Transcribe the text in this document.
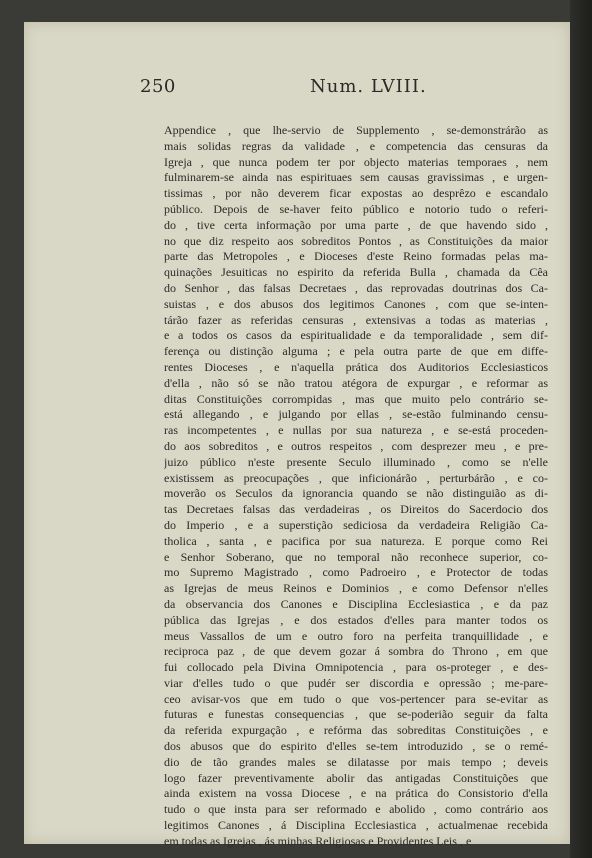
250	Num. LVIII.
Appendice , que lhe-servio de Supplemento , se-demonstrárão as
mais solidas regras da validade , e competencia das censuras da
Igreja , que nunca podem ter por objecto materias temporaes , nem
fulminarem-se ainda nas espirituaes sem causas gravissimas , e urgen-
tissimas , por não deverem ficar expostas ao desprêzo e escandalo
público. Depois de se-haver feito público e notorio tudo o referi-
do , tive certa informação por uma parte , de que havendo sido ,
no que diz respeito aos sobreditos Pontos , as Constituições da maior
parte das Metropoles , e Dioceses d'este Reino formadas pelas ma-
quinações Jesuiticas no espirito da referida Bulla , chamada da Cêa
do Senhor , das falsas Decretaes , das reprovadas doutrinas dos Ca-
suistas , e dos abusos dos legitimos Canones , com que se-inten-
tárão fazer as referidas censuras , extensivas a todas as materias ,
e a todos os casos da espiritualidade e da temporalidade , sem dif-
ferença ou distinção alguma ; e pela outra parte de que em diffe-
rentes Dioceses , e n'aquella prática dos Auditorios Ecclesiasticos
d'ella , não só se não tratou atégora de expurgar , e reformar as
ditas Constituições corrompidas , mas que muito pelo contrário se-
está allegando , e julgando por ellas , se-estão fulminando censu-
ras incompetentes , e nullas por sua natureza , e se-está proceden-
do aos sobreditos , e outros respeitos , com desprezer meu , e pre-
juizo público n'este presente Seculo illuminado , como se n'elle
existissem as preocupações , que inficionárão , perturbárão , e co-
moverão os Seculos da ignorancia quando se não distinguião as di-
tas Decretaes falsas das verdadeiras , os Direitos do Sacerdocio dos
do Imperio , e a superstição sediciosa da verdadeira Religião Ca-
tholica , santa , e pacifica por sua natureza. E porque como Rei
e Senhor Soberano, que no temporal não reconhece superior, co-
mo Supremo Magistrado , como Padroeiro , e Protector de todas
as Igrejas de meus Reinos e Dominios , e como Defensor n'elles
da observancia dos Canones e Disciplina Ecclesiastica , e da paz
pública das Igrejas , e dos estados d'elles para manter todos os
meus Vassallos de um e outro foro na perfeita tranquillidade , e
reciproca paz , de que devem gozar á sombra do Throno , em que
fui collocado pela Divina Omnipotencia , para os-proteger , e des-
viar d'elles tudo o que pudér ser discordia e opressão ; me-pare-
ceo avisar-vos que em tudo o que vos-pertencer para se-evitar as
futuras e funestas consequencias , que se-poderião seguir da falta
da referida expurgação , e refórma das sobreditas Constituições , e
dos abusos que do espirito d'elles se-tem introduzido , se o remé-
dio de tão grandes males se dilatasse por mais tempo ; deveis
logo fazer preventivamente abolir das antigadas Constituições que
ainda existem na vossa Diocese , e na prática do Consistorio d'ella
tudo o que insta para ser reformado e abolido , como contrário aos
legitimos Canones , á Disciplina Ecclesiastica , actualmenae recebida
em todas as Igrejas , ás minhas Religiosas e Providentes Leis , e
